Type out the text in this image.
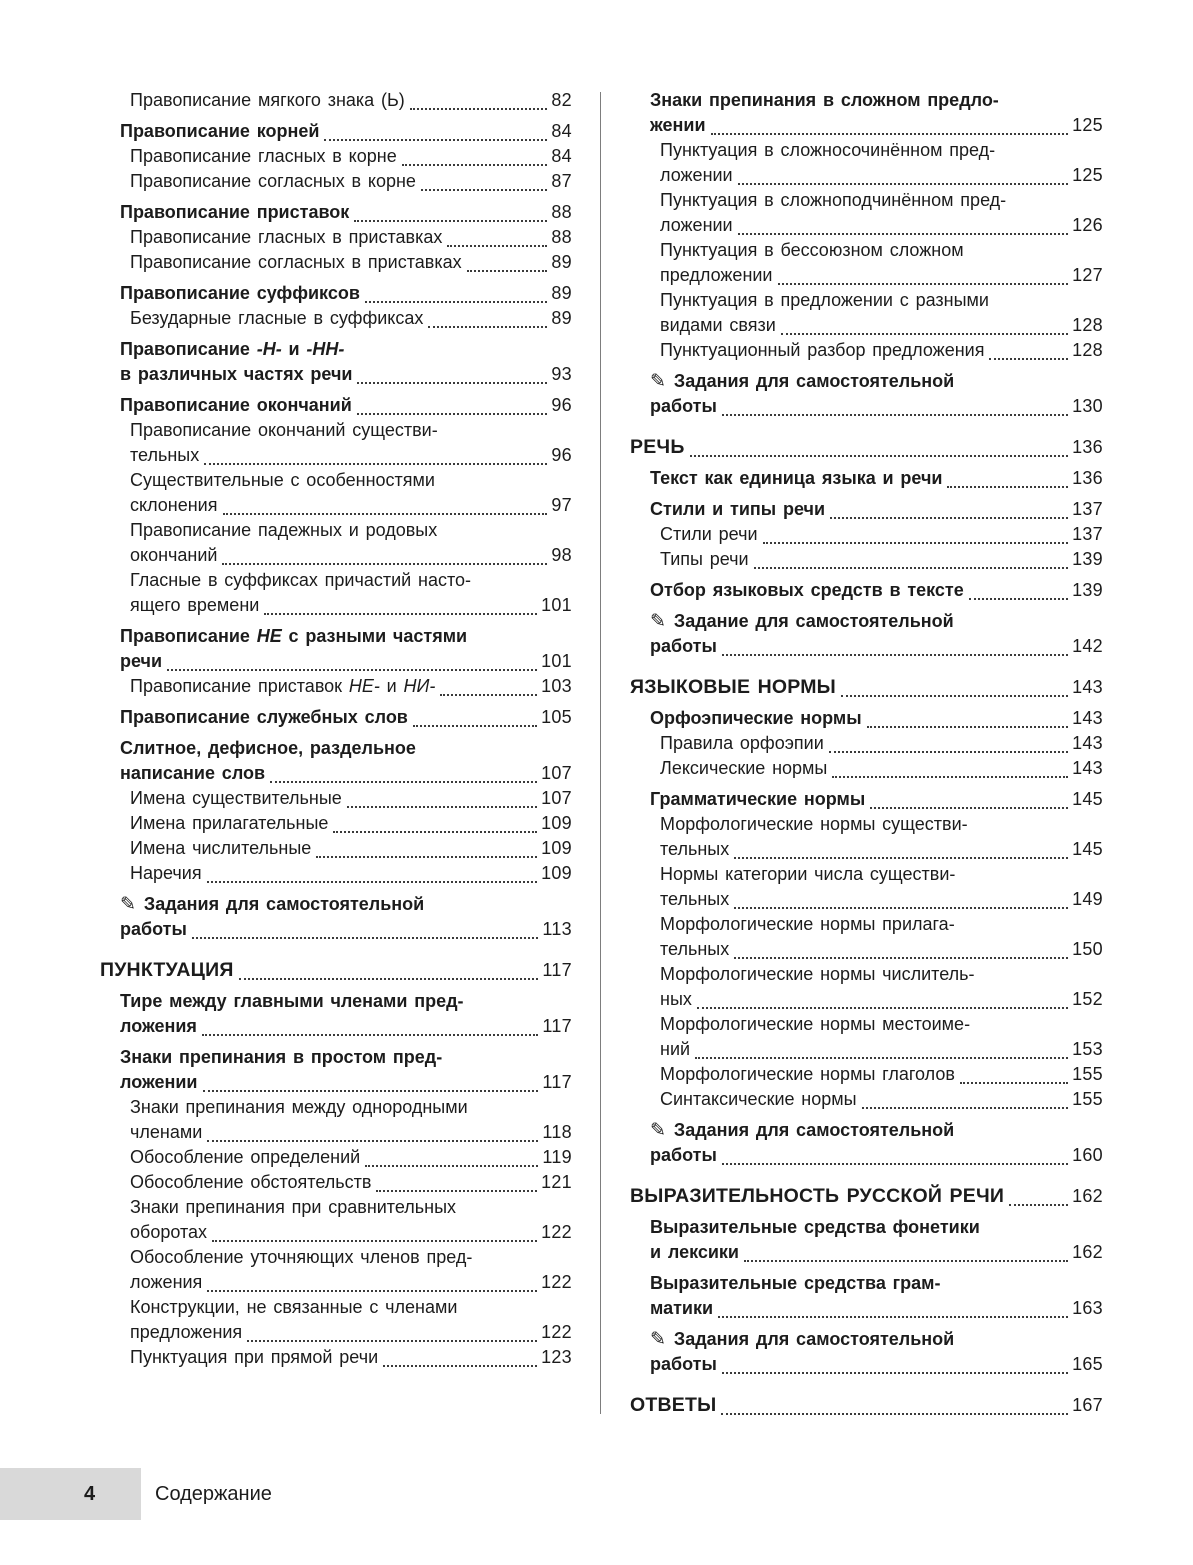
Правописание мягкого знака (Ь)	82
Правописание корней	84
Правописание гласных в корне	84
Правописание согласных в корне	87
Правописание приставок	88
Правописание гласных в приставках	88
Правописание согласных в приставках	89
Правописание суффиксов	89
Безударные гласные в суффиксах	89
Правописание -Н- и -НН-
в различных частях речи	93
Правописание окончаний	96
Правописание окончаний существи-
тельных	96
Существительные с особенностями
склонения	97
Правописание падежных и родовых
окончаний	98
Гласные в суффиксах причастий насто-
ящего времени	101
Правописание НЕ с разными частями
речи	101
Правописание приставок НЕ- и НИ-	103
Правописание служебных слов	105
Слитное, дефисное, раздельное
написание слов	107
Имена существительные	107
Имена прилагательные	109
Имена числительные	109
Наречия	109
✎ Задания для самостоятельной
работы	113
ПУНКТУАЦИЯ	117
Тире между главными членами пред-
ложения	117
Знаки препинания в простом пред-
ложении	117
Знаки препинания между однородными
членами	118
Обособление определений	119
Обособление обстоятельств	121
Знаки препинания при сравнительных
оборотах	122
Обособление уточняющих членов пред-
ложения	122
Конструкции, не связанные с членами
предложения	122
Пунктуация при прямой речи	123
Знаки препинания в сложном предло-
жении	125
Пунктуация в сложносочинённом пред-
ложении	125
Пунктуация в сложноподчинённом пред-
ложении	126
Пунктуация в бессоюзном сложном
предложении	127
Пунктуация в предложении с разными
видами связи	128
Пунктуационный разбор предложения	128
✎ Задания для самостоятельной
работы	130
РЕЧЬ	136
Текст как единица языка и речи	136
Стили и типы речи	137
Стили речи	137
Типы речи	139
Отбор языковых средств в тексте	139
✎ Задание для самостоятельной
работы	142
ЯЗЫКОВЫЕ НОРМЫ	143
Орфоэпические нормы	143
Правила орфоэпии	143
Лексические нормы	143
Грамматические нормы	145
Морфологические нормы существи-
тельных	145
Нормы категории числа существи-
тельных	149
Морфологические нормы прилага-
тельных	150
Морфологические нормы числитель-
ных	152
Морфологические нормы местоиме-
ний	153
Морфологические нормы глаголов	155
Синтаксические нормы	155
✎ Задания для самостоятельной
работы	160
ВЫРАЗИТЕЛЬНОСТЬ РУССКОЙ РЕЧИ	162
Выразительные средства фонетики
и лексики	162
Выразительные средства грам-
матики	163
✎ Задания для самостоятельной
работы	165
ОТВЕТЫ	167
4	Содержание
